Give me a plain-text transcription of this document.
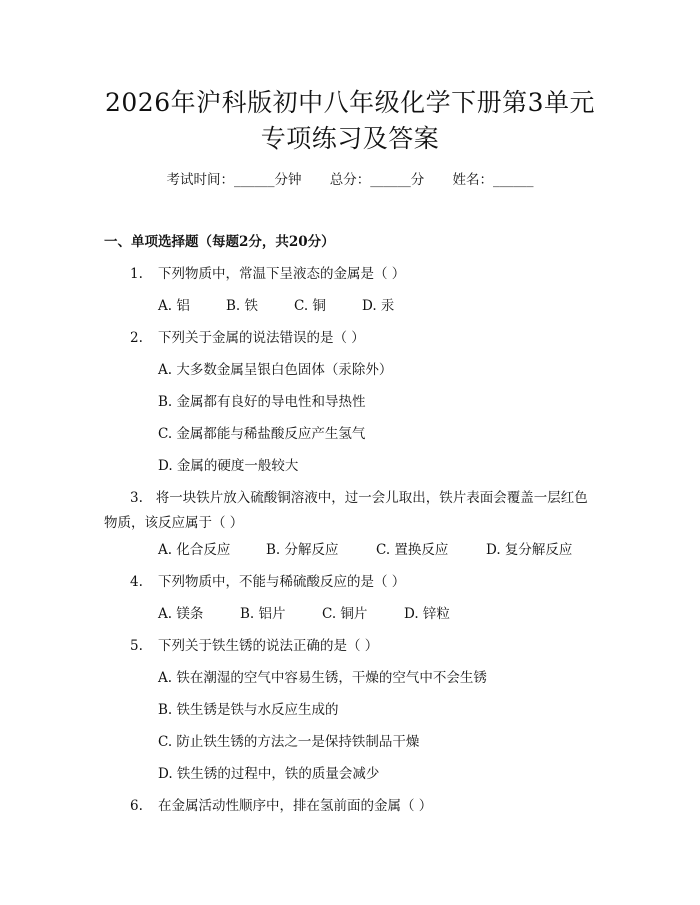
2026年沪科版初中八年级化学下册第3单元
专项练习及答案
考试时间：______分钟 总分：______分 姓名：______
一、单项选择题（每题2分，共20分）
1. 下列物质中，常温下呈液态的金属是（ ）
A. 铝	B. 铁	C. 铜	D. 汞
2. 下列关于金属的说法错误的是（ ）
A. 大多数金属呈银白色固体（汞除外）
B. 金属都有良好的导电性和导热性
C. 金属都能与稀盐酸反应产生氢气
D. 金属的硬度一般较大
3. 将一块铁片放入硫酸铜溶液中，过一会儿取出，铁片表面会覆盖一层红色物质，该反应属于（ ）
A. 化合反应	B. 分解反应	C. 置换反应	D. 复分解反应
4. 下列物质中，不能与稀硫酸反应的是（ ）
A. 镁条	B. 铝片	C. 铜片	D. 锌粒
5. 下列关于铁生锈的说法正确的是（ ）
A. 铁在潮湿的空气中容易生锈，干燥的空气中不会生锈
B. 铁生锈是铁与水反应生成的
C. 防止铁生锈的方法之一是保持铁制品干燥
D. 铁生锈的过程中，铁的质量会减少
6. 在金属活动性顺序中，排在氢前面的金属（ ）
